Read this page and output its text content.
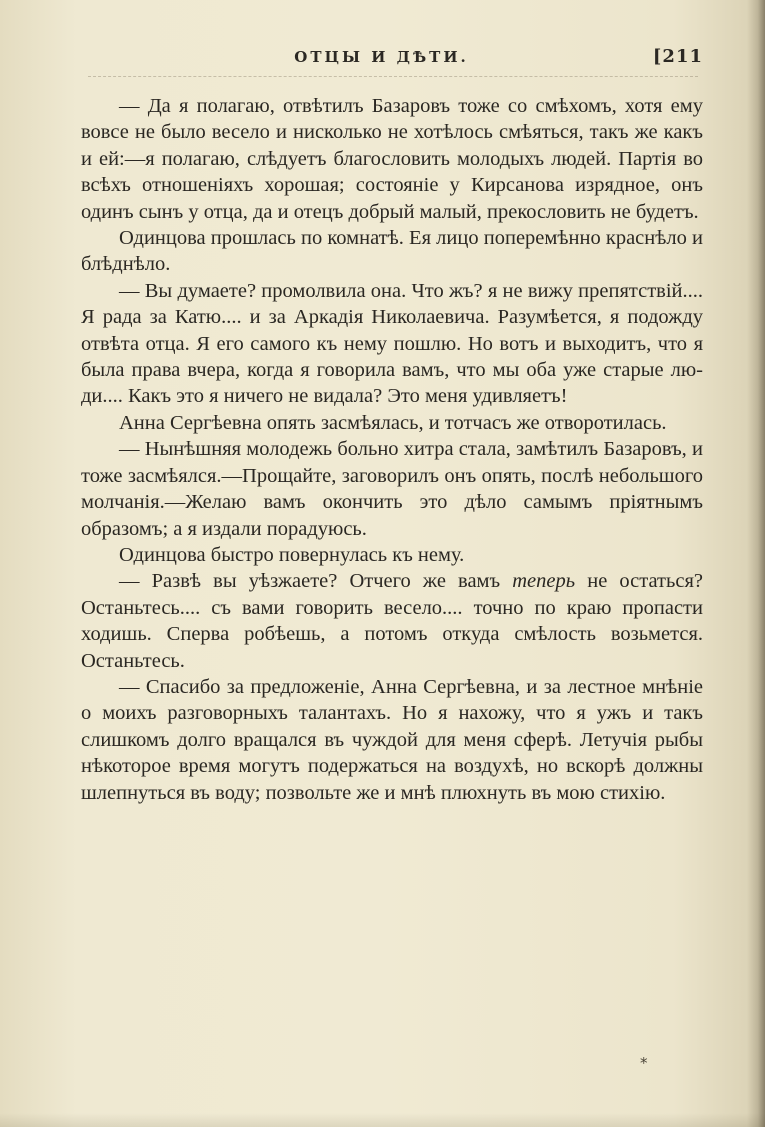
ОТЦЫ И ДѢТИ.	[211

— Да я полагаю, отвѣтилъ Базаровъ тоже со смѣхомъ, хотя ему вовсе не было весело и нисколько не хотѣлось смѣяться, такъ же какъ и ей:—я полагаю, слѣдуетъ благословить молодыхъ людей. Партія во всѣхъ отношеніяхъ хорошая; состояніе у Кирсанова изрядное, онъ одинъ сынъ у отца, да и отецъ добрый малый, прекословить не будетъ.

Одинцова прошлась по комнатѣ. Ея лицо поперемѣнно краснѣло и блѣднѣло.

— Вы думаете? промолвила она. Что жъ? я не вижу препятствій.... Я рада за Катю.... и за Аркадія Николаевича. Разумѣется, я подожду отвѣта отца. Я его самого къ нему пошлю. Но вотъ и выходитъ, что я была права вчера, когда я говорила вамъ, что мы оба уже старые люди.... Какъ это я ничего не видала? Это меня удивляетъ!

Анна Сергѣевна опять засмѣялась, и тотчасъ же отворотилась.

— Нынѣшняя молодежь больно хитра стала, замѣтилъ Базаровъ, и тоже засмѣялся.—Прощайте, заговорилъ онъ опять, послѣ небольшого молчанія.—Желаю вамъ окончить это дѣло самымъ пріятнымъ образомъ; а я издали порадуюсь.

Одинцова быстро повернулась къ нему.

— Развѣ вы уѣзжаете? Отчего же вамъ теперь не остаться? Останьтесь.... съ вами говорить весело.... точно по краю пропасти ходишь. Сперва робѣешь, а потомъ откуда смѣлость возьмется. Останьтесь.

— Спасибо за предложеніе, Анна Сергѣевна, и за лестное мнѣніе о моихъ разговорныхъ талантахъ. Но я нахожу, что я ужъ и такъ слишкомъ долго вращался въ чуждой для меня сферѣ. Летучія рыбы нѣкоторое время могутъ подержаться на воздухѣ, но вскорѣ должны шлепнуться въ воду; позвольте же и мнѣ плюхнуть въ мою стихію.

*
